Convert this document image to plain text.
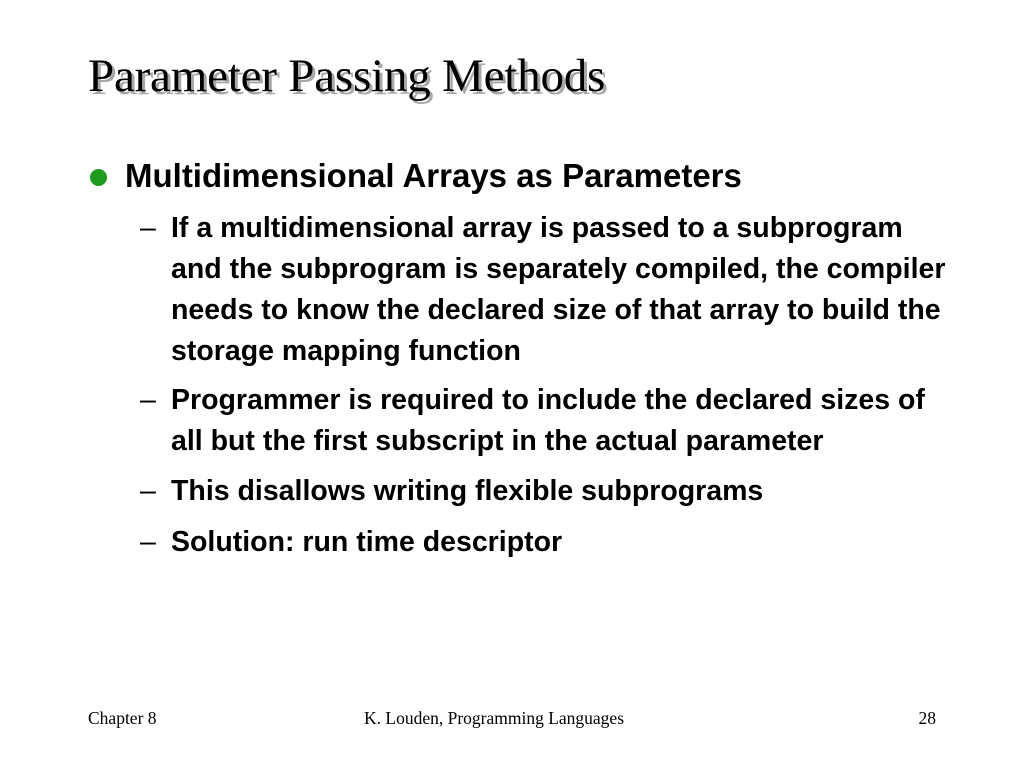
Parameter Passing Methods
Multidimensional Arrays as Parameters
– If a multidimensional array is passed to a subprogram and the subprogram is separately compiled, the compiler needs to know the declared size of that array to build the storage mapping function
– Programmer is required to include the declared sizes of all but the first subscript in the actual parameter
– This disallows writing flexible subprograms
– Solution: run time descriptor
Chapter 8	K. Louden, Programming Languages	28
